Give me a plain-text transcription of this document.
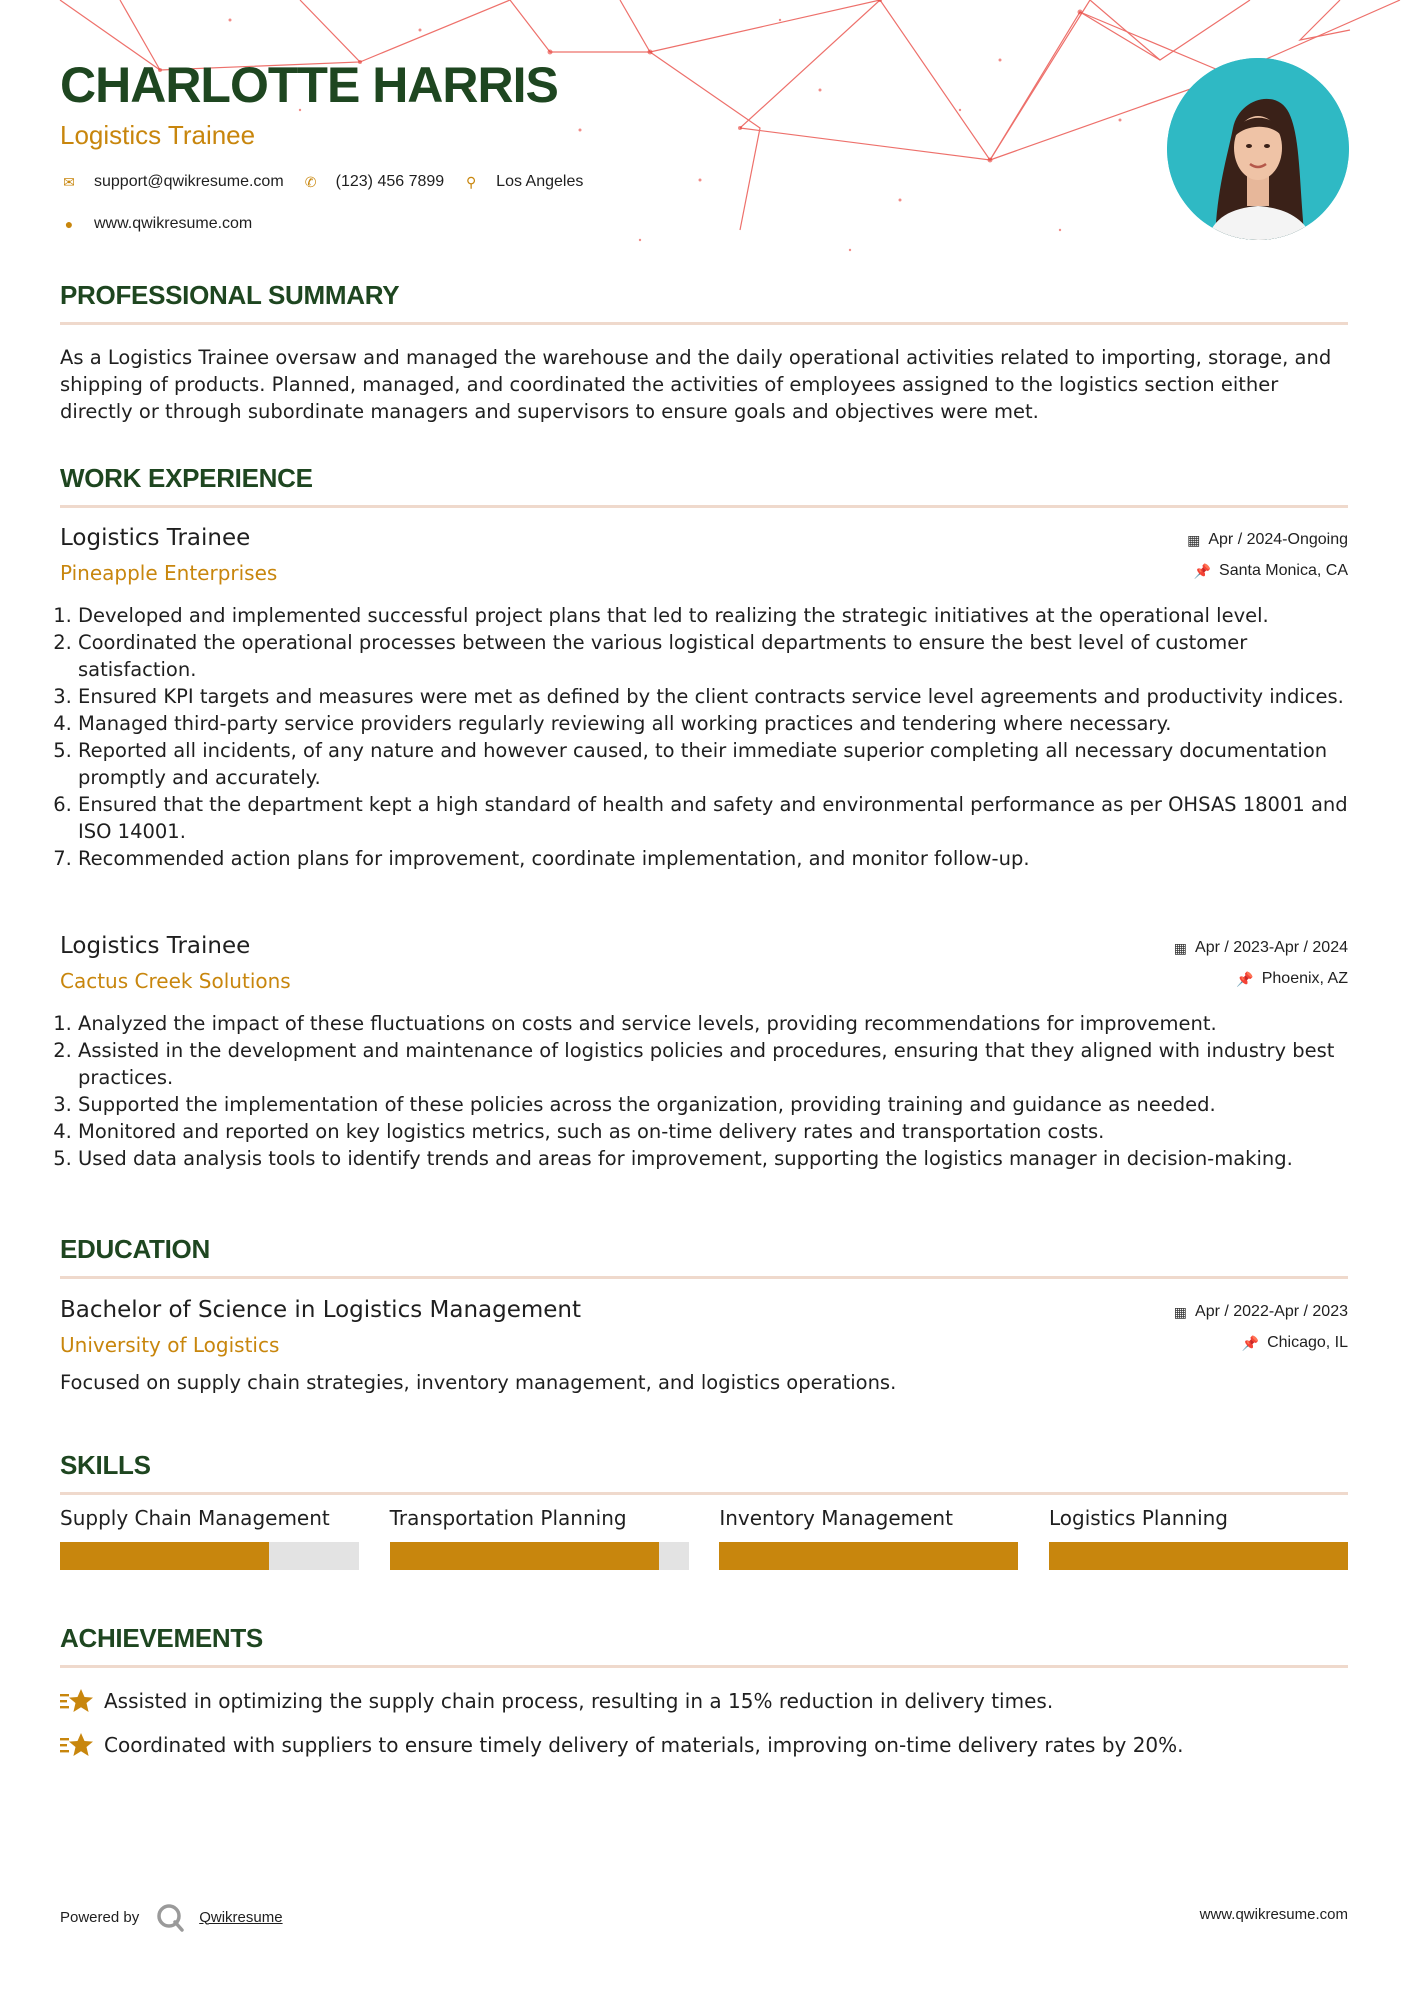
CHARLOTTE HARRIS
Logistics Trainee
✉ support@qwikresume.com ✆ (123) 456 7899 ⚲ Los Angeles
● www.qwikresume.com
PROFESSIONAL SUMMARY

As a Logistics Trainee oversaw and managed the warehouse and the daily operational activities related to importing, storage, and shipping of products. Planned, managed, and coordinated the activities of employees assigned to the logistics section either directly or through subordinate managers and supervisors to ensure goals and objectives were met.

WORK EXPERIENCE
Logistics Trainee
Pineapple Enterprises
▦ Apr / 2024-Ongoing
📌 Santa Monica, CA
1. Developed and implemented successful project plans that led to realizing the strategic initiatives at the operational level.
2. Coordinated the operational processes between the various logistical departments to ensure the best level of customer satisfaction.
3. Ensured KPI targets and measures were met as defined by the client contracts service level agreements and productivity indices.
4. Managed third-party service providers regularly reviewing all working practices and tendering where necessary.
5. Reported all incidents, of any nature and however caused, to their immediate superior completing all necessary documentation promptly and accurately.
6. Ensured that the department kept a high standard of health and safety and environmental performance as per OHSAS 18001 and ISO 14001.
7. Recommended action plans for improvement, coordinate implementation, and monitor follow-up.
Logistics Trainee
Cactus Creek Solutions
▦ Apr / 2023-Apr / 2024
📌 Phoenix, AZ
1. Analyzed the impact of these fluctuations on costs and service levels, providing recommendations for improvement.
2. Assisted in the development and maintenance of logistics policies and procedures, ensuring that they aligned with industry best practices.
3. Supported the implementation of these policies across the organization, providing training and guidance as needed.
4. Monitored and reported on key logistics metrics, such as on-time delivery rates and transportation costs.
5. Used data analysis tools to identify trends and areas for improvement, supporting the logistics manager in decision-making.
EDUCATION
Bachelor of Science in Logistics Management
University of Logistics
▦ Apr / 2022-Apr / 2023
📌 Chicago, IL

Focused on supply chain strategies, inventory management, and logistics operations.

SKILLS
Supply Chain Management	Transportation Planning	Inventory Management	Logistics Planning
ACHIEVEMENTS
Assisted in optimizing the supply chain process, resulting in a 15% reduction in delivery times.
Coordinated with suppliers to ensure timely delivery of materials, improving on-time delivery rates by 20%.
Powered by	Qwikresume	www.qwikresume.com
